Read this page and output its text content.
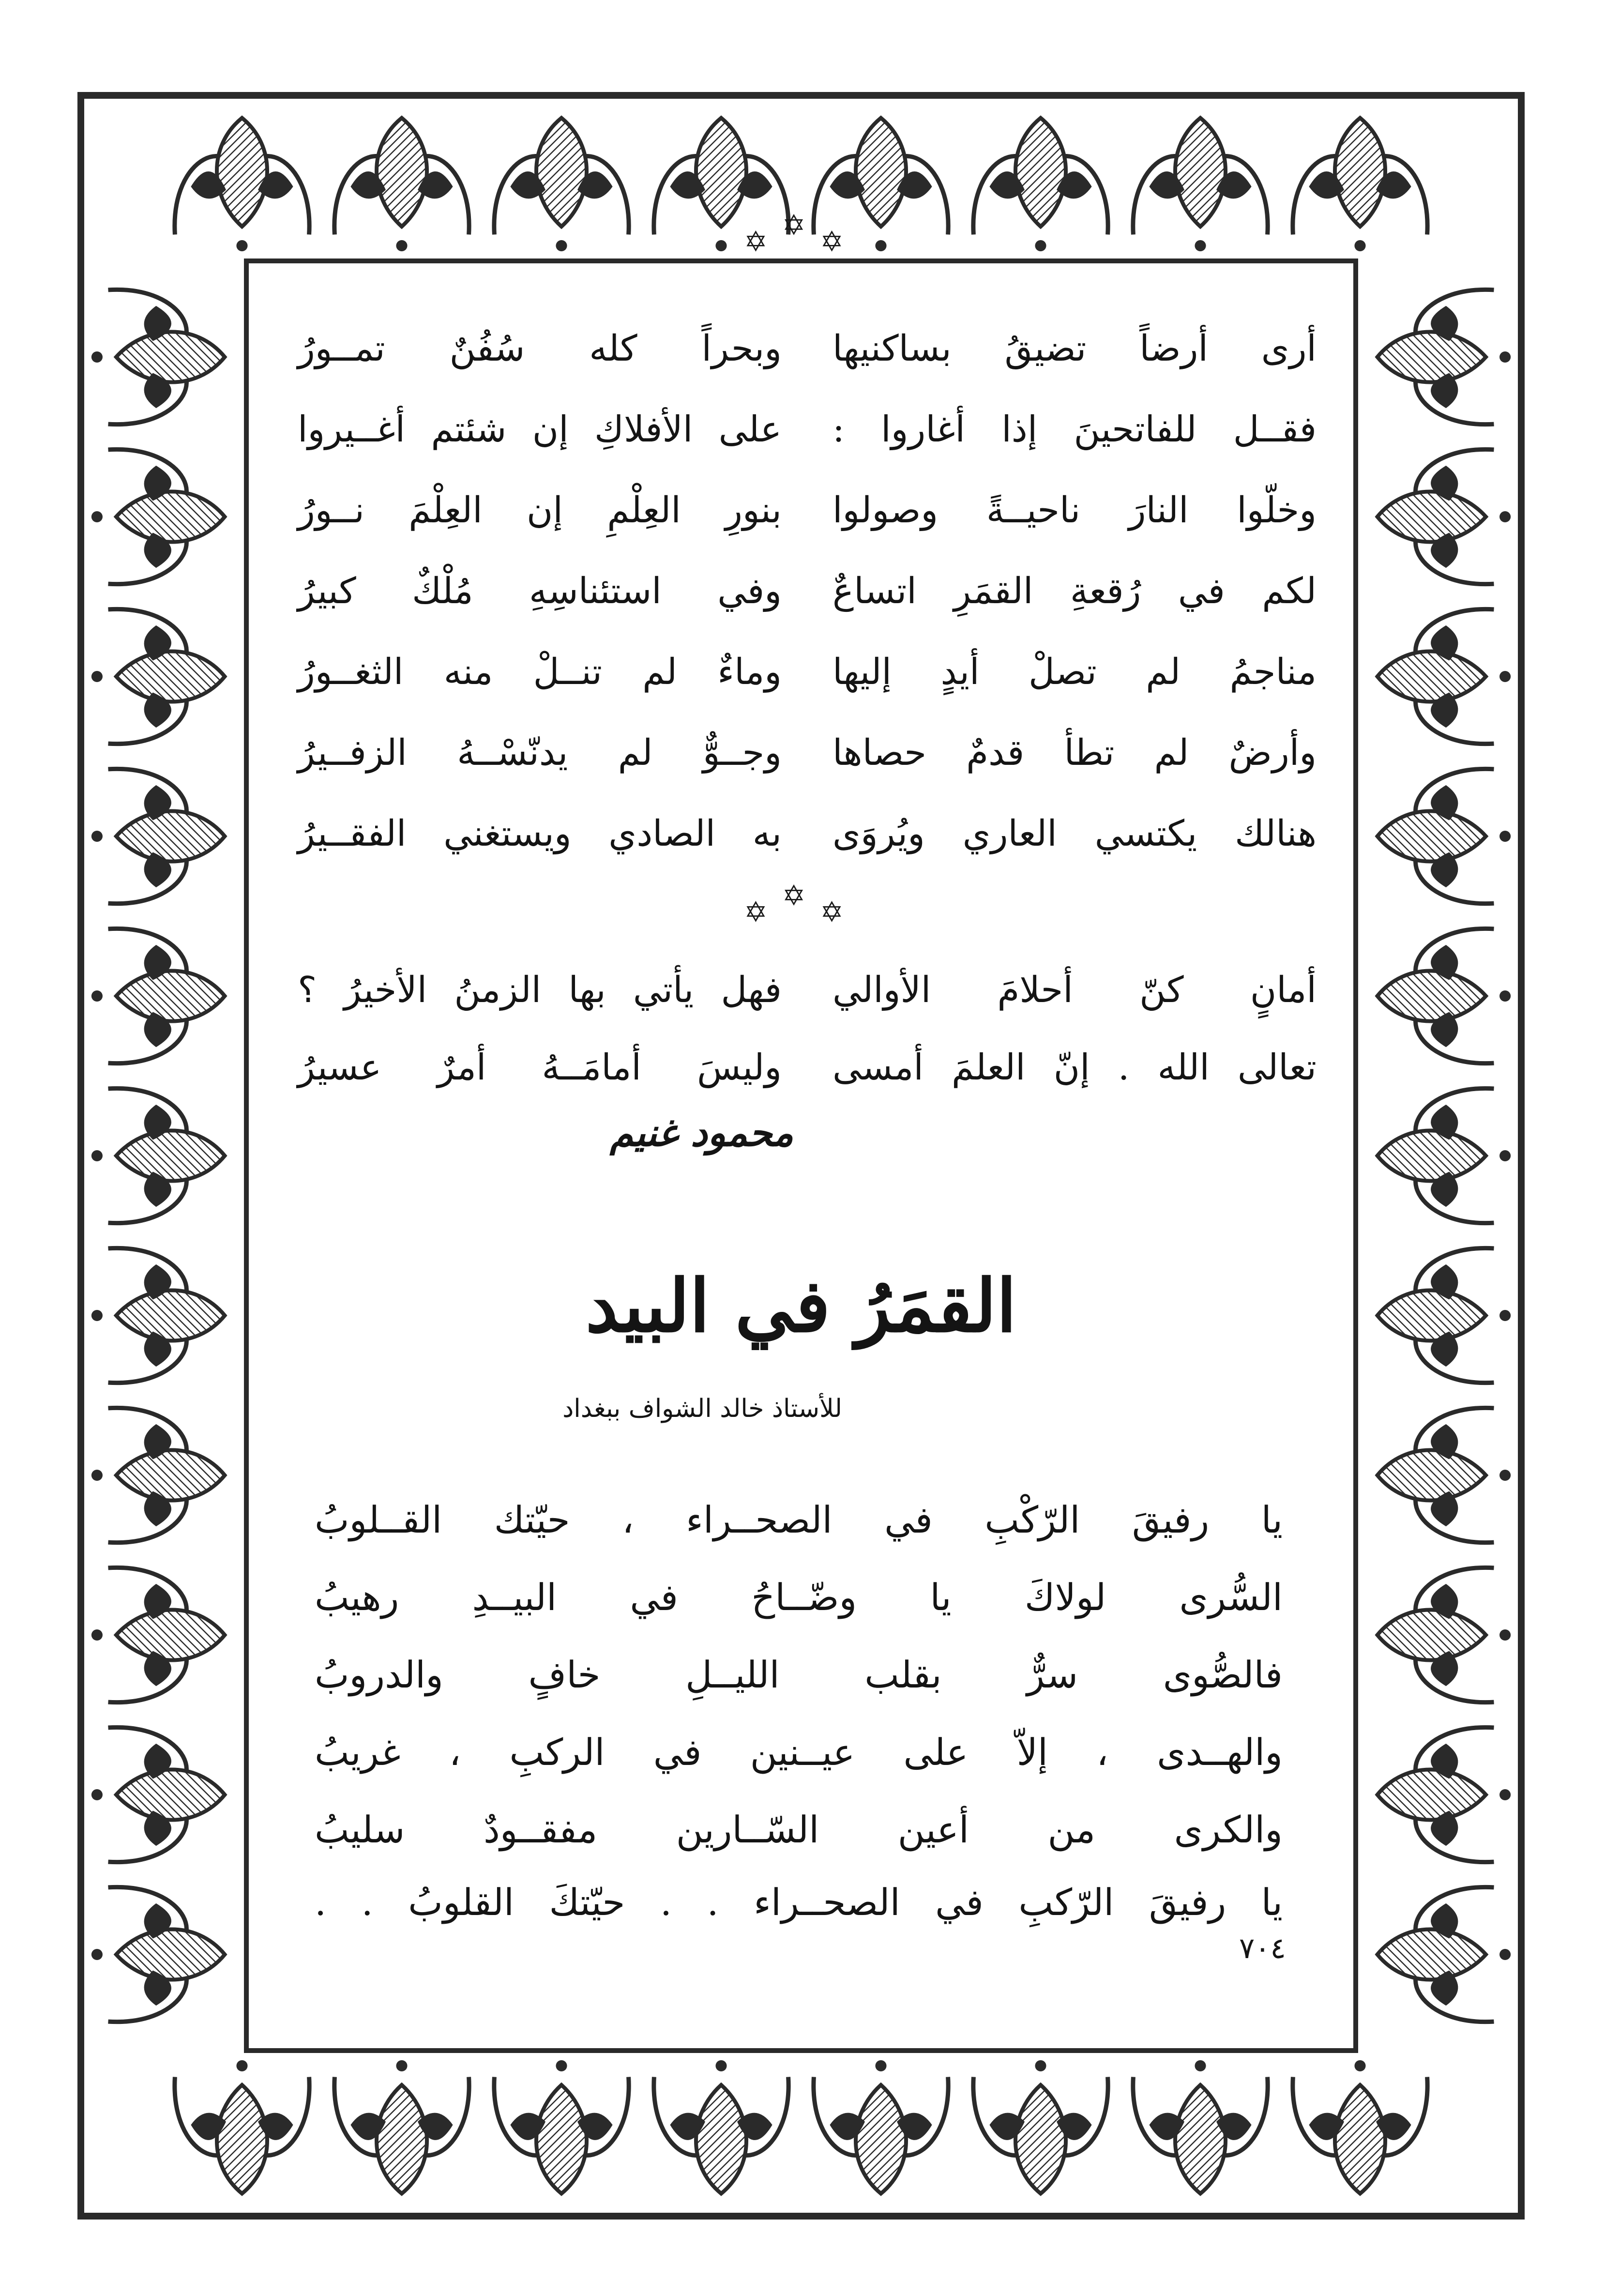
✡✡✡
أرى أرضاً تضيقُ بساكنيها
وبحراً كله سُفُنٌ تمــورُ
فقــل للفاتحينَ إذا أغاروا :
على الأفلاكِ إن شئتم أغــيروا
وخلّوا النارَ ناحيــةً وصولوا
بنورِ العِلْمِ إن العِلْمَ نــورُ
لكم في رُقعةِ القمَرِ اتساعٌ
وفي استئناسِهِ مُلْكٌ كبيرُ
مناجمُ لم تصلْ أيدٍ إليها
وماءٌ لم تنــلْ منه الثغــورُ
وأرضٌ لم تطأ قدمٌ حصاها
وجــوٌّ لم يدنّسْــهُ الزفــيرُ
هنالك يكتسي العاري ويُروَى
به الصادي ويستغني الفقــيرُ
✡✡✡
أمانٍ كنّ أحلامَ الأوالي
فهل يأتي بها الزمنُ الأخيرُ ؟
تعالى الله . إنّ العلمَ أمسى
وليسَ أمامَــهُ أمرٌ عسيرُ
محمود غنيم
القمَرُ في البيد
للأستاذ خالد الشواف ببغداد
يا رفيقَ الرّكْبِ في الصحــراء ، حيّتك القــلوبُ
السُّرى لولاكَ يا وضّــاحُ في البيــدِ رهيبُ
فالصُّوى سرٌّ بقلب الليــلِ خافٍ والدروبُ
والهــدى ، إلاّ على عيــنين في الركبِ ، غريبُ
والكرى من أعين السّــارين مفقــودٌ سليبُ
يا رفيقَ الرّكبِ في الصحــراء . . حيّتكَ القلوبُ . .
٧٠٤
